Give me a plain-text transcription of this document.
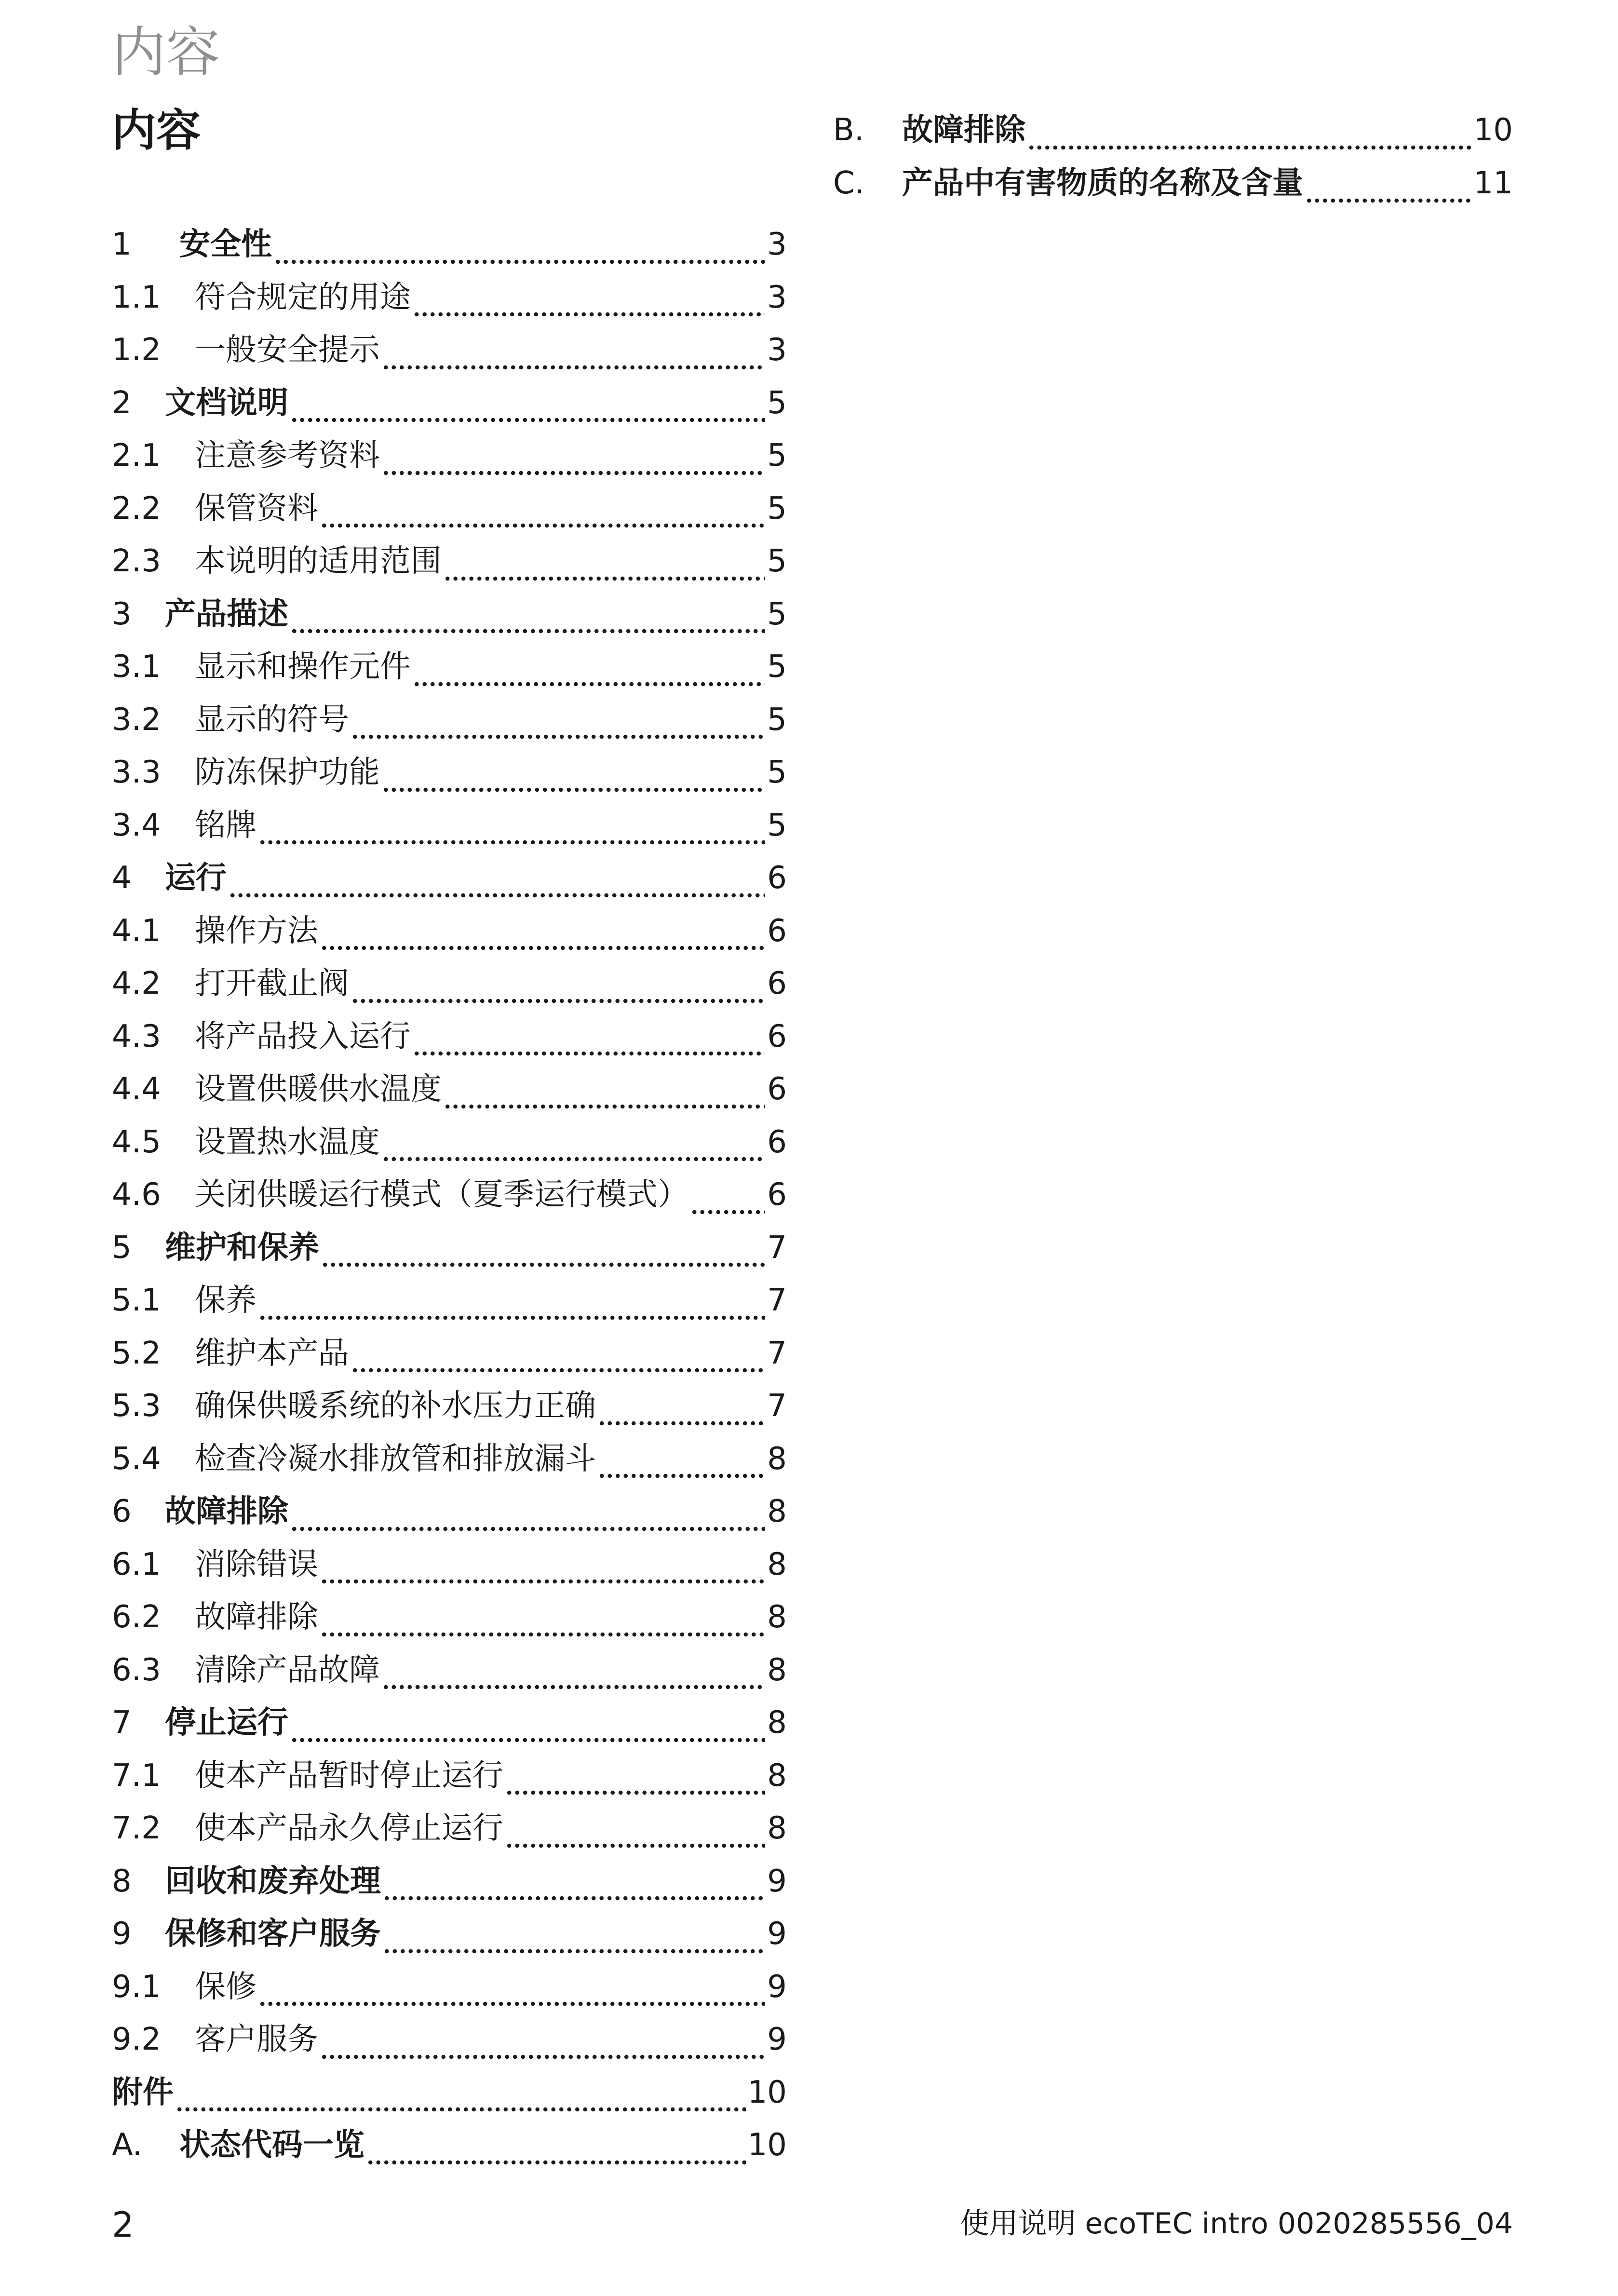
内容
内容
1	安全性	3
1.1	符合规定的用途	3
1.2	一般安全提示	3
2	文档说明	5
2.1	注意参考资料	5
2.2	保管资料	5
2.3	本说明的适用范围	5
3	产品描述	5
3.1	显示和操作元件	5
3.2	显示的符号	5
3.3	防冻保护功能	5
3.4	铭牌	5
4	运行	6
4.1	操作方法	6
4.2	打开截止阀	6
4.3	将产品投入运行	6
4.4	设置供暖供水温度	6
4.5	设置热水温度	6
4.6	关闭供暖运行模式（夏季运行模式）	6
5	维护和保养	7
5.1	保养	7
5.2	维护本产品	7
5.3	确保供暖系统的补水压力正确	7
5.4	检查冷凝水排放管和排放漏斗	8
6	故障排除	8
6.1	消除错误	8
6.2	故障排除	8
6.3	清除产品故障	8
7	停止运行	8
7.1	使本产品暂时停止运行	8
7.2	使本产品永久停止运行	8
8	回收和废弃处理	9
9	保修和客户服务	9
9.1	保修	9
9.2	客户服务	9
附件	10
A.	状态代码一览	10
B.	故障排除	10
C.	产品中有害物质的名称及含量	11
2	使用说明 ecoTEC intro 0020285556_04
